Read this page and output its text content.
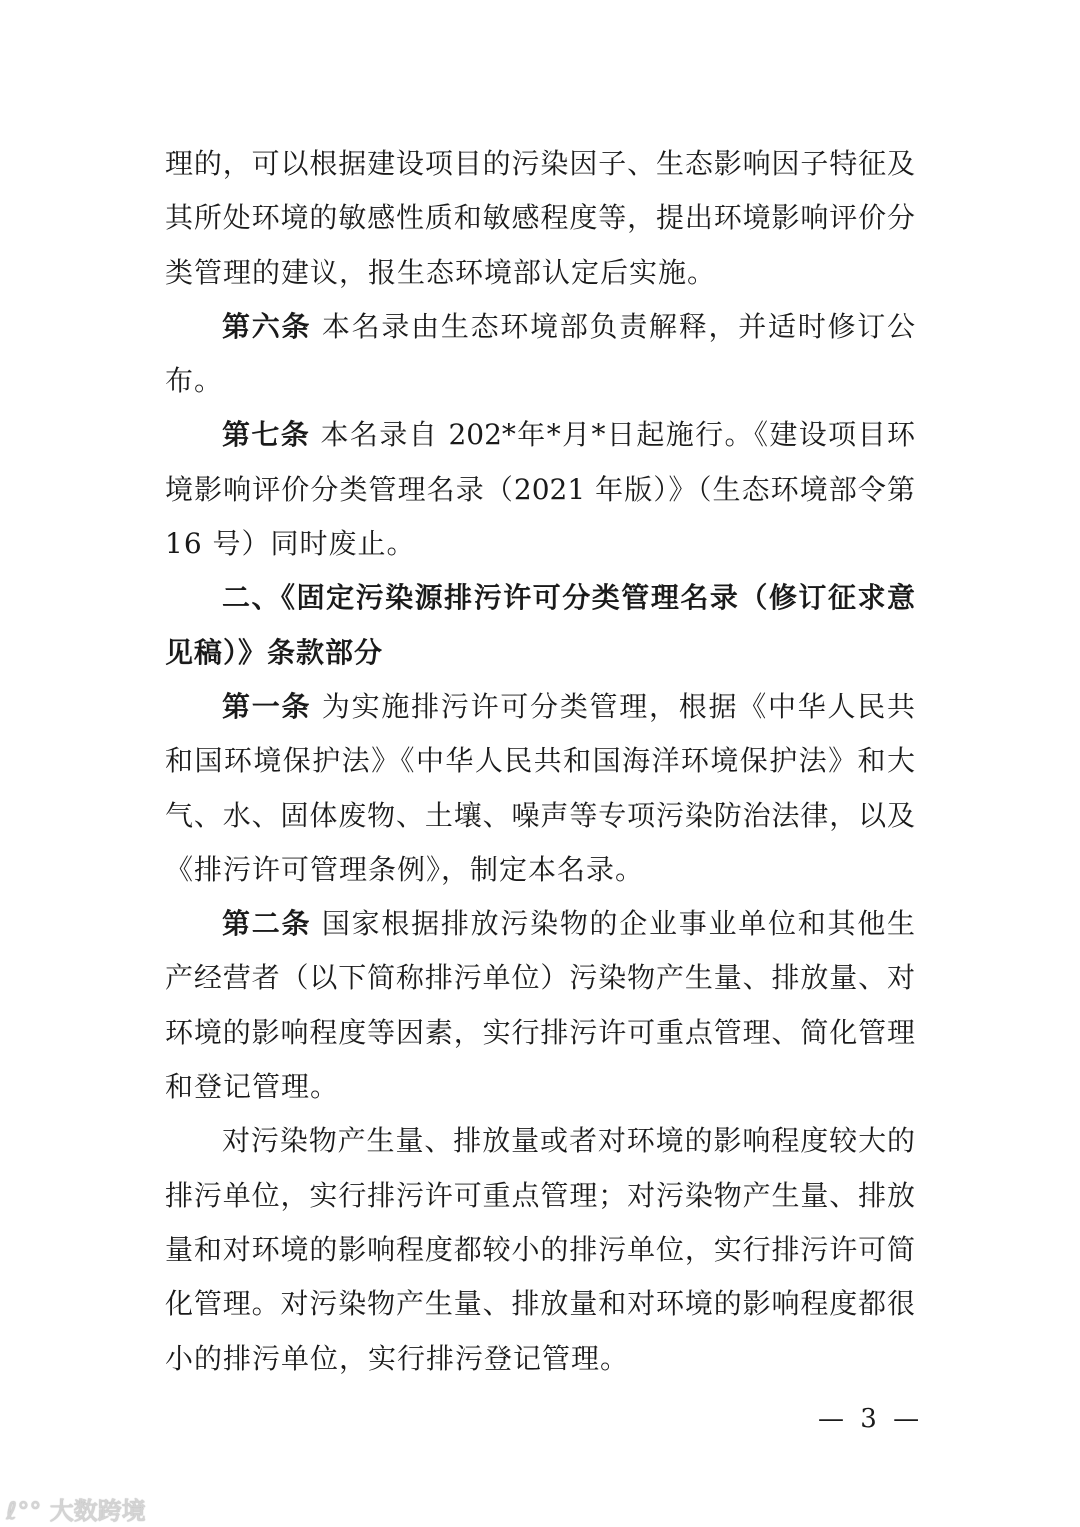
理的，可以根据建设项目的污染因子、生态影响因子特征及
其所处环境的敏感性质和敏感程度等，提出环境影响评价分
类管理的建议，报生态环境部认定后实施。
第六条 本名录由生态环境部负责解释，并适时修订公
布。
第七条 本名录自 202*年*月*日起施行。《建设项目环
境影响评价分类管理名录（2021 年版）》（生态环境部令第
16 号）同时废止。
二、《固定污染源排污许可分类管理名录（修订征求意
见稿）》条款部分
第一条 为实施排污许可分类管理，根据《中华人民共
和国环境保护法》《中华人民共和国海洋环境保护法》和大
气、水、固体废物、土壤、噪声等专项污染防治法律，以及
《排污许可管理条例》，制定本名录。
第二条 国家根据排放污染物的企业事业单位和其他生
产经营者（以下简称排污单位）污染物产生量、排放量、对
环境的影响程度等因素，实行排污许可重点管理、简化管理
和登记管理。
对污染物产生量、排放量或者对环境的影响程度较大的
排污单位，实行排污许可重点管理；对污染物产生量、排放
量和对环境的影响程度都较小的排污单位，实行排污许可简
化管理。对污染物产生量、排放量和对环境的影响程度都很
小的排污单位，实行排污登记管理。
— 3 —
ℓ°° 大数跨境
